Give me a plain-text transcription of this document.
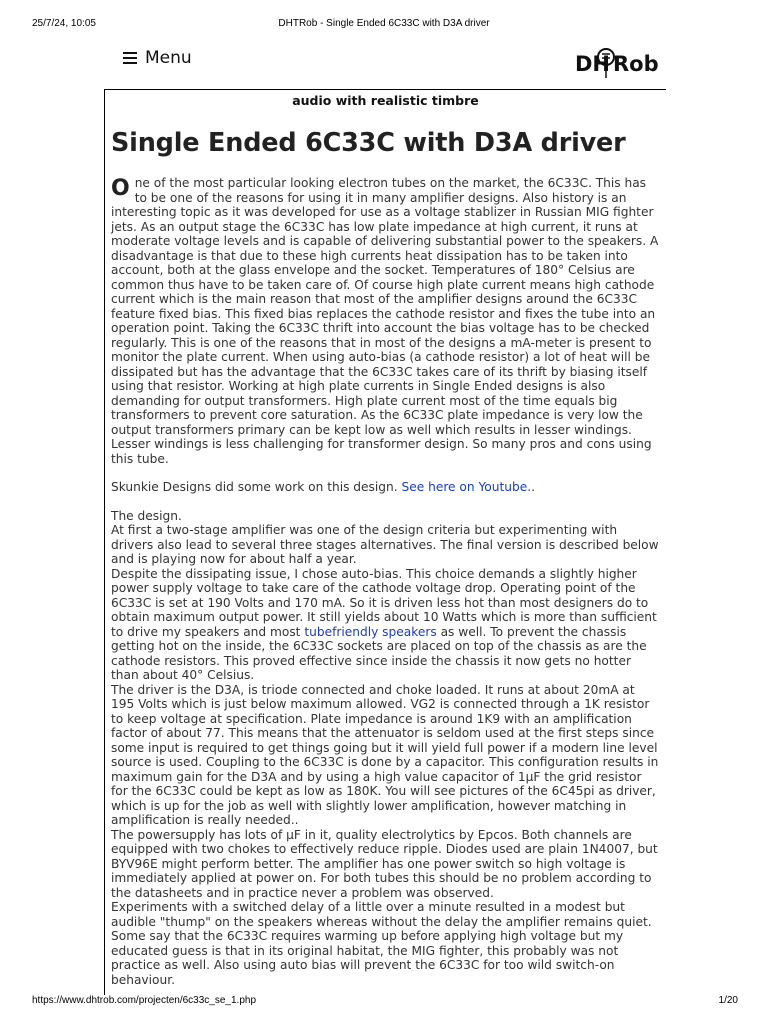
25/7/24, 10:05	DHTRob - Single Ended 6C33C with D3A driver
Menu	DH Rob
audio with realistic timbre
Single Ended 6C33C with D3A driver

One of the most particular looking electron tubes on the market, the 6C33C. This has to be one of the reasons for using it in many amplifier designs. Also history is an interesting topic as it was developed for use as a voltage stablizer in Russian MIG fighter jets. As an output stage the 6C33C has low plate impedance at high current, it runs at moderate voltage levels and is capable of delivering substantial power to the speakers. A disadvantage is that due to these high currents heat dissipation has to be taken into account, both at the glass envelope and the socket. Temperatures of 180° Celsius are common thus have to be taken care of. Of course high plate current means high cathode current which is the main reason that most of the amplifier designs around the 6C33C feature fixed bias. This fixed bias replaces the cathode resistor and fixes the tube into an operation point. Taking the 6C33C thrift into account the bias voltage has to be checked regularly. This is one of the reasons that in most of the designs a mA-meter is present to monitor the plate current. When using auto-bias (a cathode resistor) a lot of heat will be dissipated but has the advantage that the 6C33C takes care of its thrift by biasing itself using that resistor. Working at high plate currents in Single Ended designs is also demanding for output transformers. High plate current most of the time equals big transformers to prevent core saturation. As the 6C33C plate impedance is very low the output transformers primary can be kept low as well which results in lesser windings. Lesser windings is less challenging for transformer design. So many pros and cons using this tube.

Skunkie Designs did some work on this design. See here on Youtube..

The design.

At first a two-stage amplifier was one of the design criteria but experimenting with drivers also lead to several three stages alternatives. The final version is described below and is playing now for about half a year.

Despite the dissipating issue, I chose auto-bias. This choice demands a slightly higher power supply voltage to take care of the cathode voltage drop. Operating point of the 6C33C is set at 190 Volts and 170 mA. So it is driven less hot than most designers do to obtain maximum output power. It still yields about 10 Watts which is more than sufficient to drive my speakers and most tubefriendly speakers as well. To prevent the chassis getting hot on the inside, the 6C33C sockets are placed on top of the chassis as are the cathode resistors. This proved effective since inside the chassis it now gets no hotter than about 40° Celsius.

The driver is the D3A, is triode connected and choke loaded. It runs at about 20mA at 195 Volts which is just below maximum allowed. VG2 is connected through a 1K resistor to keep voltage at specification. Plate impedance is around 1K9 with an amplification factor of about 77. This means that the attenuator is seldom used at the first steps since some input is required to get things going but it will yield full power if a modern line level source is used. Coupling to the 6C33C is done by a capacitor. This configuration results in maximum gain for the D3A and by using a high value capacitor of 1µF the grid resistor for the 6C33C could be kept as low as 180K. You will see pictures of the 6C45pi as driver, which is up for the job as well with slightly lower amplification, however matching in amplification is really needed..

The powersupply has lots of µF in it, quality electrolytics by Epcos. Both channels are equipped with two chokes to effectively reduce ripple. Diodes used are plain 1N4007, but BYV96E might perform better. The amplifier has one power switch so high voltage is immediately applied at power on. For both tubes this should be no problem according to the datasheets and in practice never a problem was observed.

Experiments with a switched delay of a little over a minute resulted in a modest but audible "thump" on the speakers whereas without the delay the amplifier remains quiet. Some say that the 6C33C requires warming up before applying high voltage but my educated guess is that in its original habitat, the MIG fighter, this probably was not practice as well. Also using auto bias will prevent the 6C33C for too wild switch-on behaviour.

https://www.dhtrob.com/projecten/6c33c_se_1.php	1/20
